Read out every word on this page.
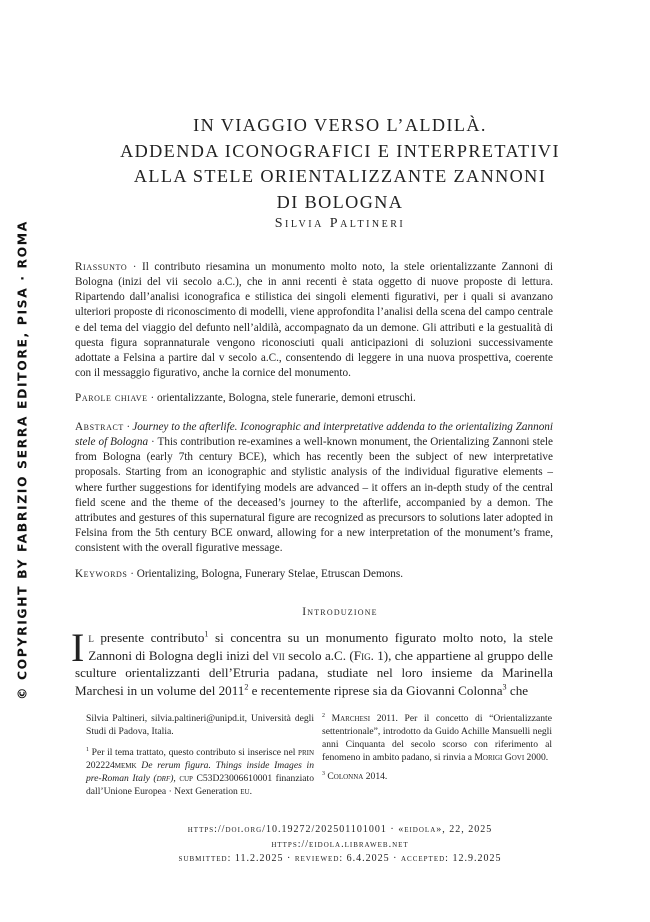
© COPYRIGHT BY FABRIZIO SERRA EDITORE, PISA · ROMA
IN VIAGGIO VERSO L’ALDILÀ.
ADDENDA ICONOGRAFICI E INTERPRETATIVI
ALLA STELE ORIENTALIZZANTE ZANNONI
DI BOLOGNA
Silvia Paltineri
Riassunto · Il contributo riesamina un monumento molto noto, la stele orientalizzante Zannoni di Bologna (inizi del vii secolo a.C.), che in anni recenti è stata oggetto di nuove proposte di lettura. Ripartendo dall’analisi iconografica e stilistica dei singoli elementi figurativi, per i quali si avanzano ulteriori proposte di riconoscimento di modelli, viene approfondita l’analisi della scena del campo centrale e del tema del viaggio del defunto nell’aldilà, accompagnato da un demone. Gli attributi e la gestualità di questa figura soprannaturale vengono riconosciuti quali anticipazioni di soluzioni successivamente adottate a Felsina a partire dal v secolo a.C., consentendo di leggere in una nuova prospettiva, coerente con il messaggio figurativo, anche la cornice del monumento.
Parole chiave · orientalizzante, Bologna, stele funerarie, demoni etruschi.
Abstract · Journey to the afterlife. Iconographic and interpretative addenda to the orientalizing Zannoni stele of Bologna · This contribution re-examines a well-known monument, the Orientalizing Zannoni stele from Bologna (early 7th century BCE), which has recently been the subject of new interpretative proposals. Starting from an iconographic and stylistic analysis of the individual figurative elements – where further suggestions for identifying models are advanced – it offers an in-depth study of the central field scene and the theme of the deceased’s journey to the afterlife, accompanied by a demon. The attributes and gestures of this supernatural figure are recognized as precursors to solutions later adopted in Felsina from the 5th century BCE onward, allowing for a new interpretation of the monument’s frame, consistent with the overall figurative message.
Keywords · Orientalizing, Bologna, Funerary Stelae, Etruscan Demons.
Introduzione
Il presente contributo$^1$ si concentra su un monumento figurato molto noto, la stele Zannoni di Bologna degli inizi del vii secolo a.C. (Fig. 1), che appartiene al gruppo delle sculture orientalizzanti dell’Etruria padana, studiate nel loro insieme da Marinella Marchesi in un volume del 2011$^2$ e recentemente riprese sia da Giovanni Colonna$^3$ che

Silvia Paltineri, silvia.paltineri@unipd.it, Università degli Studi di Padova, Italia.

$^1$ Per il tema trattato, questo contributo si inserisce nel prin 202224memk De rerum figura. Things inside Images in pre-Roman Italy (drf), cup C53D23006610001 finanziato dall’Unione Europea · Next Generation eu.

$^2$ Marchesi 2011. Per il concetto di “Orientalizzante settentrionale”, introdotto da Guido Achille Mansuelli negli anni Cinquanta del secolo scorso con riferimento al fenomeno in ambito padano, si rinvia a Morigi Govi 2000.

$^3$ Colonna 2014.

https://doi.org/10.19272/202501101001 · «eidola», 22, 2025
https://eidola.libraweb.net
submitted: 11.2.2025 · reviewed: 6.4.2025 · accepted: 12.9.2025
